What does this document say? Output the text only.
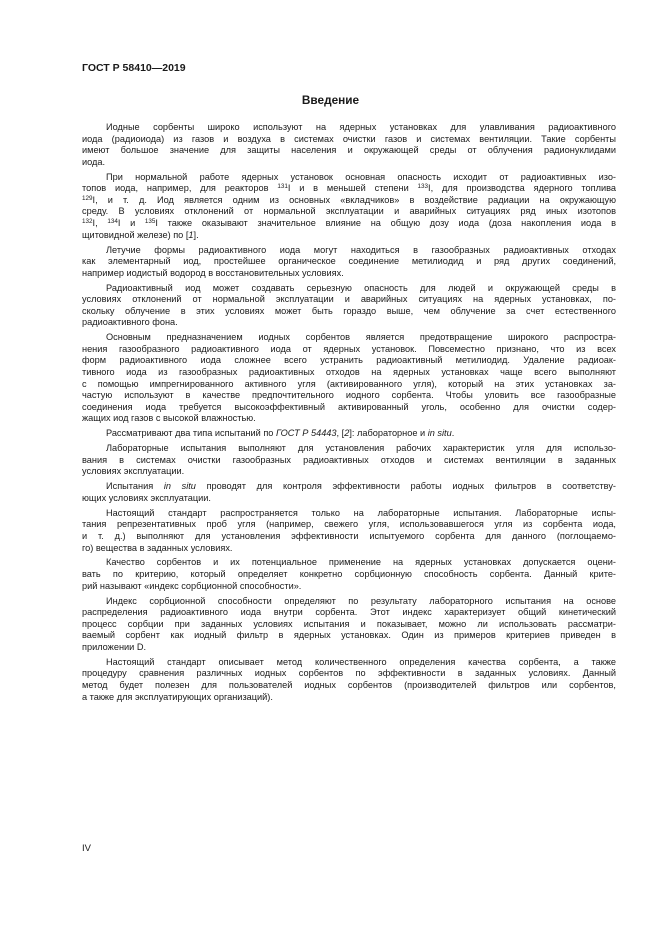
ГОСТ Р 58410—2019
Введение
Иодные сорбенты широко используют на ядерных установках для улавливания радиоактивного
иода (радиоиода) из газов и воздуха в системах очистки газов и системах вентиляции. Такие сорбенты
имеют большое значение для защиты населения и окружающей среды от облучения радионуклидами
иода.
При нормальной работе ядерных установок основная опасность исходит от радиоактивных изо-
топов иода, например, для реакторов $^{131}$I и в меньшей степени $^{133}$I, для производства ядерного топлива
$^{129}$I, и т. д. Иод является одним из основных «вкладчиков» в воздействие радиации на окружающую
среду. В условиях отклонений от нормальной эксплуатации и аварийных ситуациях ряд иных изотопов
$^{132}$I, $^{134}$I и $^{135}$I также оказывают значительное влияние на общую дозу иода (доза накопления иода в
щитовидной железе) по [1].
Летучие формы радиоактивного иода могут находиться в газообразных радиоактивных отходах
как элементарный иод, простейшее органическое соединение метилиодид и ряд других соединений,
например иодистый водород в восстановительных условиях.
Радиоактивный иод может создавать серьезную опасность для людей и окружающей среды в
условиях отклонений от нормальной эксплуатации и аварийных ситуациях на ядерных установках, по-
скольку облучение в этих условиях может быть гораздо выше, чем облучение за счет естественного
радиоактивного фона.
Основным предназначением иодных сорбентов является предотвращение широкого распростра-
нения газообразного радиоактивного иода от ядерных установок. Повсеместно признано, что из всех
форм радиоактивного иода сложнее всего устранить радиоактивный метилиодид. Удаление радиоак-
тивного иода из газообразных радиоактивных отходов на ядерных установках чаще всего выполняют
с помощью импрегнированного активного угля (активированного угля), который на этих установках за-
частую используют в качестве предпочтительного иодного сорбента. Чтобы уловить все газообразные
соединения иода требуется высокоэффективный активированный уголь, особенно для очистки содер-
жащих иод газов с высокой влажностью.
Рассматривают два типа испытаний по ГОСТ Р 54443, [2]: лабораторное и in situ.
Лабораторные испытания выполняют для установления рабочих характеристик угля для использо-
вания в системах очистки газообразных радиоактивных отходов и системах вентиляции в заданных
условиях эксплуатации.
Испытания in situ проводят для контроля эффективности работы иодных фильтров в соответству-
ющих условиях эксплуатации.
Настоящий стандарт распространяется только на лабораторные испытания. Лабораторные испы-
тания репрезентативных проб угля (например, свежего угля, использовавшегося угля из сорбента иода,
и т. д.) выполняют для установления эффективности испытуемого сорбента для данного (поглощаемо-
го) вещества в заданных условиях.
Качество сорбентов и их потенциальное применение на ядерных установках допускается оцени-
вать по критерию, который определяет конкретно сорбционную способность сорбента. Данный крите-
рий называют «индекс сорбционной способности».
Индекс сорбционной способности определяют по результату лабораторного испытания на основе
распределения радиоактивного иода внутри сорбента. Этот индекс характеризует общий кинетический
процесс сорбции при заданных условиях испытания и показывает, можно ли использовать рассматри-
ваемый сорбент как иодный фильтр в ядерных установках. Один из примеров критериев приведен в
приложении D.
Настоящий стандарт описывает метод количественного определения качества сорбента, а также
процедуру сравнения различных иодных сорбентов по эффективности в заданных условиях. Данный
метод будет полезен для пользователей иодных сорбентов (производителей фильтров или сорбентов,
а также для эксплуатирующих организаций).
IV
